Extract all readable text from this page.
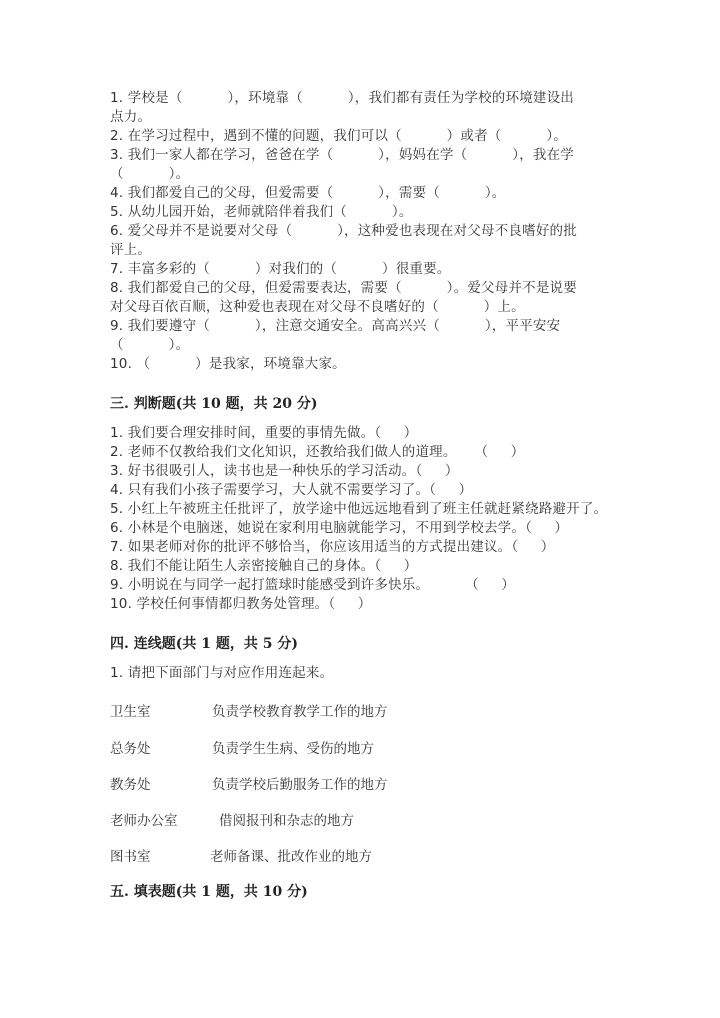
1. 学校是（          ），环境靠（          ），我们都有责任为学校的环境建设出
点力。
2. 在学习过程中，遇到不懂的问题，我们可以（          ）或者（          ）。
3. 我们一家人都在学习，爸爸在学（          ），妈妈在学（          ），我在学
（          ）。
4. 我们都爱自己的父母，但爱需要（          ），需要（          ）。
5. 从幼儿园开始，老师就陪伴着我们（          ）。
6. 爱父母并不是说要对父母（          ），这种爱也表现在对父母不良嗜好的批
评上。
7. 丰富多彩的（          ）对我们的（          ）很重要。
8. 我们都爱自己的父母，但爱需要表达，需要（          ）。爱父母并不是说要
对父母百依百顺，这种爱也表现在对父母不良嗜好的（          ）上。
9. 我们要遵守（          ），注意交通安全。高高兴兴（          ），平平安安
（          ）。
10. （          ）是我家，环境靠大家。
三. 判断题(共 10 题，共 20 分)
1. 我们要合理安排时间，重要的事情先做。（     ）
2. 老师不仅教给我们文化知识，还教给我们做人的道理。    （     ）
3. 好书很吸引人，读书也是一种快乐的学习活动。（     ）
4. 只有我们小孩子需要学习，大人就不需要学习了。（     ）
5. 小红上午被班主任批评了，放学途中他远远地看到了班主任就赶紧绕路避开了。
6. 小林是个电脑迷，她说在家利用电脑就能学习，不用到学校去学。（     ）
7. 如果老师对你的批评不够恰当，你应该用适当的方式提出建议。（     ）
8. 我们不能让陌生人亲密接触自己的身体。（     ）
9. 小明说在与同学一起打篮球时能感受到许多快乐。        （     ）
10. 学校任何事情都归教务处管理。（     ）
四. 连线题(共 1 题，共 5 分)
1. 请把下面部门与对应作用连起来。
卫生室	负责学校教育教学工作的地方
总务处	负责学生生病、受伤的地方
教务处	负责学校后勤服务工作的地方
老师办公室	借阅报刊和杂志的地方
图书室	老师备课、批改作业的地方
五. 填表题(共 1 题，共 10 分)
